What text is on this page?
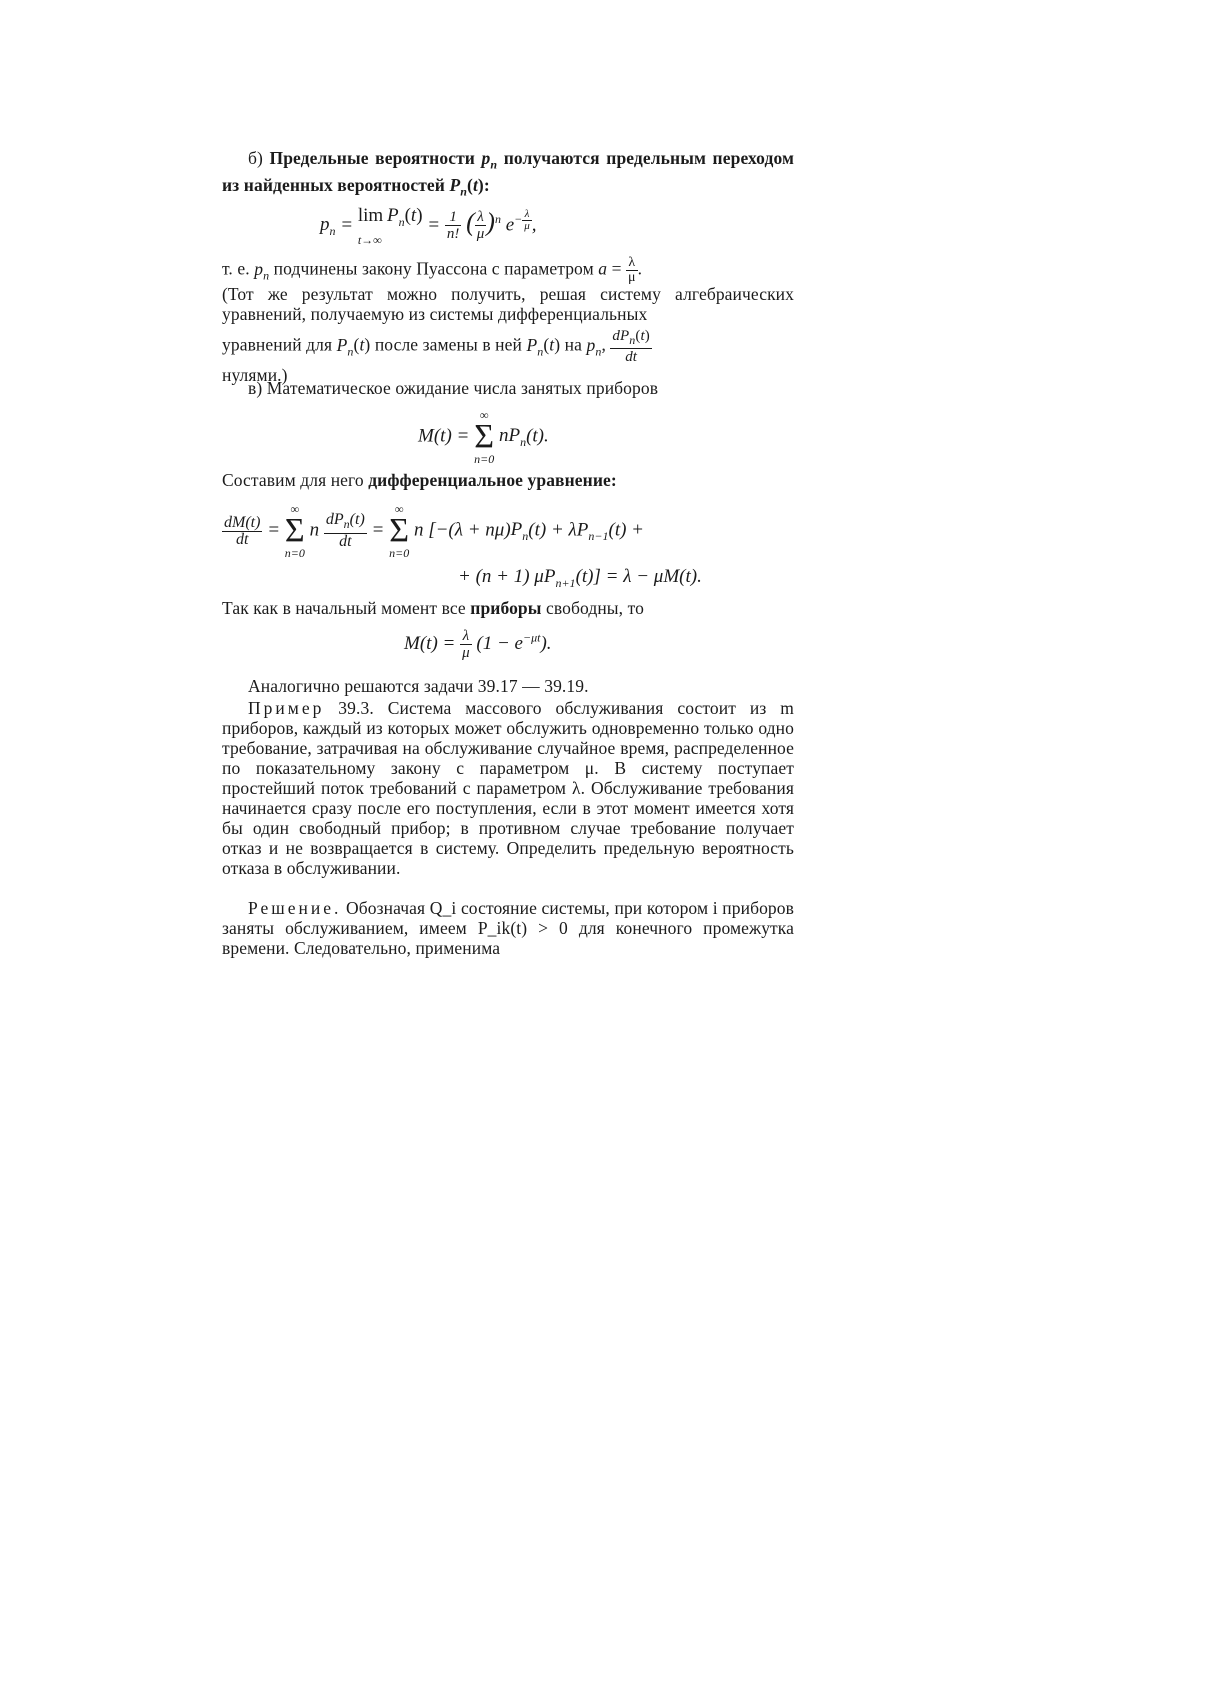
б) Предельные вероятности $p_n$ получаются предельным переходом из найденных вероятностей $P_n(t)$:

$p_n = \lim P_n(t)$
t→∞
= $\frac{1}{n!}$ ( $\frac{\lambda}{\mu} )^n$ $e^{- \frac{\lambda}{\mu}}$ ,

т. е. $p_n$ подчинены закону Пуассона с параметром $a = \frac{\lambda}{\mu}$ .

(Тот же результат можно получить, решая систему алгебраических уравнений, получаемую из системы дифференциальных

уравнений для $P_n(t)$ после замены в ней $P_n(t)$ на $p_n$, $\frac{dP_n(t)}{dt}$

нулями.)

в) Математическое ожидание числа занятых приборов

M(t) =
∞
Σ
n=0
$nP_n(t)$.

Составим для него дифференциальное уравнение:

$\frac{dM(t)}{dt}$ =
∞
Σ
n=0
n $\frac{dP_n(t)}{dt}$ =
∞
Σ
n=0
n [$-(\lambda + n\mu)P_n(t) + \lambda P_{n-1}(t)$ +
+ (n + 1) $\mu P_{n+1}(t)] = \lambda - \mu M(t)$.

Так как в начальный момент все приборы свободны, то

$M(t) = \frac{\lambda}{\mu} (1 - e^{-\mu t})$.

Аналогично решаются задачи 39.17 — 39.19.

Пример 39.3. Система массового обслуживания состоит из m приборов, каждый из которых может обслужить одновременно только одно требование, затрачивая на обслуживание случайное время, распределенное по показательному закону с параметром μ. В систему поступает простейший поток требований с параметром λ. Обслуживание требования начинается сразу после его поступления, если в этот момент имеется хотя бы один свободный прибор; в противном случае требование получает отказ и не возвращается в систему. Определить предельную вероятность отказа в обслуживании.

Решение. Обозначая Q_i состояние системы, при котором i приборов заняты обслуживанием, имеем P_ik(t) > 0 для конечного промежутка времени. Следовательно, применима
